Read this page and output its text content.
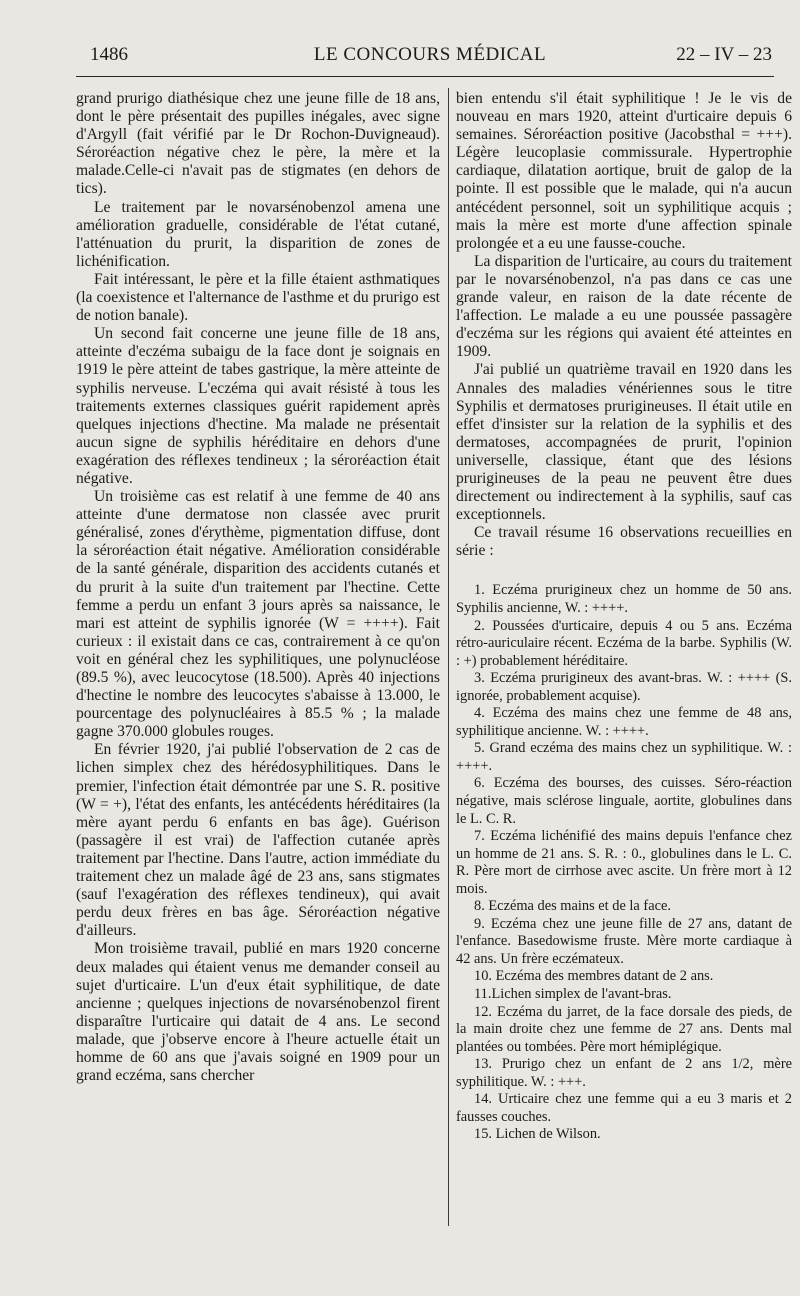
1486	LE CONCOURS MÉDICAL	22 – IV – 23

grand prurigo diathésique chez une jeune fille de 18 ans, dont le père présentait des pupilles inégales, avec signe d'Argyll (fait vérifié par le Dr Rochon-Duvigneaud). Séroréaction négative chez le père, la mère et la malade.Celle-ci n'avait pas de stigmates (en dehors de tics).

Le traitement par le novarsénobenzol amena une amélioration graduelle, considérable de l'état cutané, l'atténuation du prurit, la disparition de zones de lichénification.

Fait intéressant, le père et la fille étaient asthmatiques (la coexistence et l'alternance de l'asthme et du prurigo est de notion banale).

Un second fait concerne une jeune fille de 18 ans, atteinte d'eczéma subaigu de la face dont je soignais en 1919 le père atteint de tabes gastrique, la mère atteinte de syphilis nerveuse. L'eczéma qui avait résisté à tous les traitements externes classiques guérit rapidement après quelques injections d'hectine. Ma malade ne présentait aucun signe de syphilis héréditaire en dehors d'une exagération des réflexes tendineux ; la séroréaction était négative.

Un troisième cas est relatif à une femme de 40 ans atteinte d'une dermatose non classée avec prurit généralisé, zones d'érythème, pigmentation diffuse, dont la séroréaction était négative. Amélioration considérable de la santé générale, disparition des accidents cutanés et du prurit à la suite d'un traitement par l'hectine. Cette femme a perdu un enfant 3 jours après sa naissance, le mari est atteint de syphilis ignorée (W = ++++). Fait curieux : il existait dans ce cas, contrairement à ce qu'on voit en général chez les syphilitiques, une polynucléose (89.5 %), avec leucocytose (18.500). Après 40 injections d'hectine le nombre des leucocytes s'abaisse à 13.000, le pourcentage des polynucléaires à 85.5 % ; la malade gagne 370.000 globules rouges.

En février 1920, j'ai publié l'observation de 2 cas de lichen simplex chez des hérédosyphilitiques. Dans le premier, l'infection était démontrée par une S. R. positive (W = +), l'état des enfants, les antécédents héréditaires (la mère ayant perdu 6 enfants en bas âge). Guérison (passagère il est vrai) de l'affection cutanée après traitement par l'hectine. Dans l'autre, action immédiate du traitement chez un malade âgé de 23 ans, sans stigmates (sauf l'exagération des réflexes tendineux), qui avait perdu deux frères en bas âge. Séroréaction négative d'ailleurs.

Mon troisième travail, publié en mars 1920 concerne deux malades qui étaient venus me demander conseil au sujet d'urticaire. L'un d'eux était syphilitique, de date ancienne ; quelques injections de novarsénobenzol firent disparaître l'urticaire qui datait de 4 ans. Le second malade, que j'observe encore à l'heure actuelle était un homme de 60 ans que j'avais soigné en 1909 pour un grand eczéma, sans chercher

bien entendu s'il était syphilitique ! Je le vis de nouveau en mars 1920, atteint d'urticaire depuis 6 semaines. Séroréaction positive (Jacobsthal = +++). Légère leucoplasie commissurale. Hypertrophie cardiaque, dilatation aortique, bruit de galop de la pointe. Il est possible que le malade, qui n'a aucun antécédent personnel, soit un syphilitique acquis ; mais la mère est morte d'une affection spinale prolongée et a eu une fausse-couche.

La disparition de l'urticaire, au cours du traitement par le novarsénobenzol, n'a pas dans ce cas une grande valeur, en raison de la date récente de l'affection. Le malade a eu une poussée passagère d'eczéma sur les régions qui avaient été atteintes en 1909.

J'ai publié un quatrième travail en 1920 dans les Annales des maladies vénériennes sous le titre Syphilis et dermatoses prurigineuses. Il était utile en effet d'insister sur la relation de la syphilis et des dermatoses, accompagnées de prurit, l'opinion universelle, classique, étant que des lésions prurigineuses de la peau ne peuvent être dues directement ou indirectement à la syphilis, sauf cas exceptionnels.

Ce travail résume 16 observations recueillies en série :

1. Eczéma prurigineux chez un homme de 50 ans. Syphilis ancienne, W. : ++++.

2. Poussées d'urticaire, depuis 4 ou 5 ans. Eczéma rétro-auriculaire récent. Eczéma de la barbe. Syphilis (W. : +) probablement héréditaire.

3. Eczéma prurigineux des avant-bras. W. : ++++ (S. ignorée, probablement acquise).

4. Eczéma des mains chez une femme de 48 ans, syphilitique ancienne. W. : ++++.

5. Grand eczéma des mains chez un syphilitique. W. : ++++.

6. Eczéma des bourses, des cuisses. Séro-réaction négative, mais sclérose linguale, aortite, globulines dans le L. C. R.

7. Eczéma lichénifié des mains depuis l'enfance chez un homme de 21 ans. S. R. : 0., globulines dans le L. C. R. Père mort de cirrhose avec ascite. Un frère mort à 12 mois.

8. Eczéma des mains et de la face.

9. Eczéma chez une jeune fille de 27 ans, datant de l'enfance. Basedowisme fruste. Mère morte cardiaque à 42 ans. Un frère eczémateux.

10. Eczéma des membres datant de 2 ans.

11.Lichen simplex de l'avant-bras.

12. Eczéma du jarret, de la face dorsale des pieds, de la main droite chez une femme de 27 ans. Dents mal plantées ou tombées. Père mort hémiplégique.

13. Prurigo chez un enfant de 2 ans 1/2, mère syphilitique. W. : +++.

14. Urticaire chez une femme qui a eu 3 maris et 2 fausses couches.

15. Lichen de Wilson.
